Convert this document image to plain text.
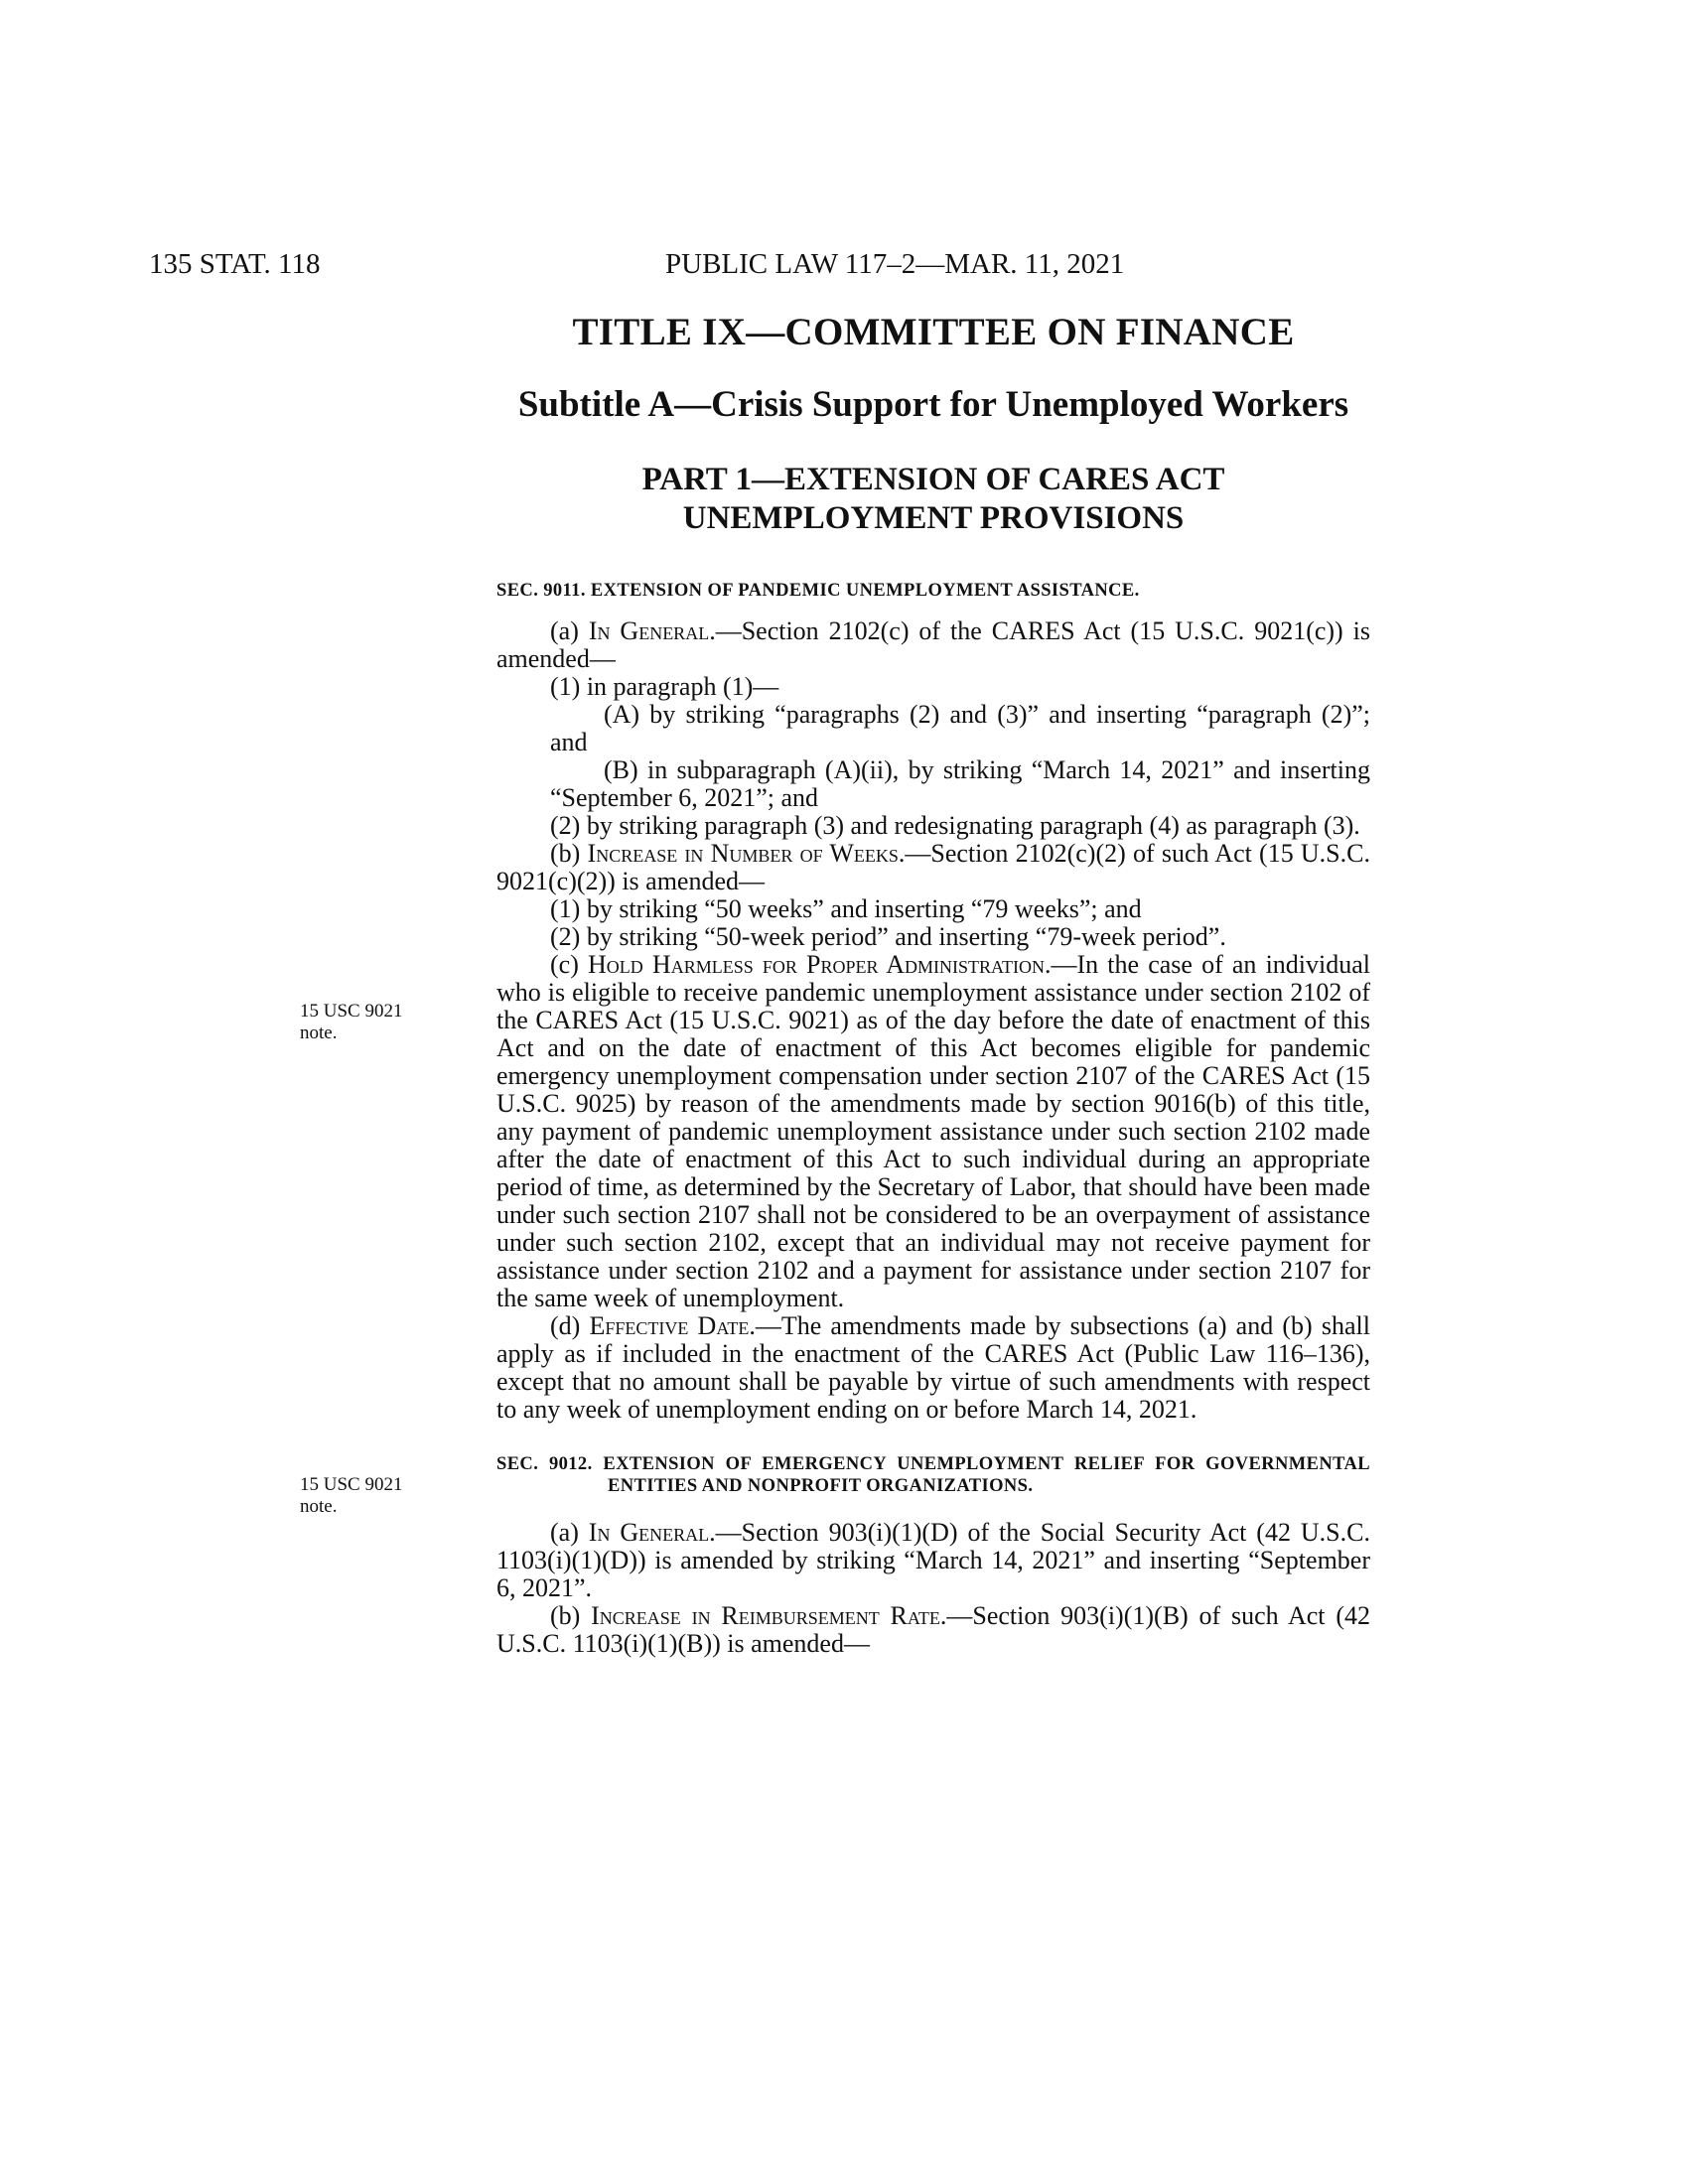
135 STAT. 118	PUBLIC LAW 117–2—MAR. 11, 2021
15 USC 9021
note.
15 USC 9021
note.
TITLE IX—COMMITTEE ON FINANCE
Subtitle A—Crisis Support for Unemployed Workers
PART 1—EXTENSION OF CARES ACT UNEMPLOYMENT PROVISIONS
SEC. 9011. EXTENSION OF PANDEMIC UNEMPLOYMENT ASSISTANCE.

(a) In General.—Section 2102(c) of the CARES Act (15 U.S.C. 9021(c)) is amended—

(1) in paragraph (1)—

(A) by striking “paragraphs (2) and (3)” and inserting “paragraph (2)”; and

(B) in subparagraph (A)(ii), by striking “March 14, 2021” and inserting “September 6, 2021”; and

(2) by striking paragraph (3) and redesignating paragraph (4) as paragraph (3).

(b) Increase in Number of Weeks.—Section 2102(c)(2) of such Act (15 U.S.C. 9021(c)(2)) is amended—

(1) by striking “50 weeks” and inserting “79 weeks”; and

(2) by striking “50-week period” and inserting “79-week period”.

(c) Hold Harmless for Proper Administration.—In the case of an individual who is eligible to receive pandemic unemployment assistance under section 2102 of the CARES Act (15 U.S.C. 9021) as of the day before the date of enactment of this Act and on the date of enactment of this Act becomes eligible for pandemic emergency unemployment compensation under section 2107 of the CARES Act (15 U.S.C. 9025) by reason of the amendments made by section 9016(b) of this title, any payment of pandemic unemployment assistance under such section 2102 made after the date of enactment of this Act to such individual during an appropriate period of time, as determined by the Secretary of Labor, that should have been made under such section 2107 shall not be considered to be an overpayment of assistance under such section 2102, except that an individual may not receive payment for assistance under section 2102 and a payment for assistance under section 2107 for the same week of unemployment.

(d) Effective Date.—The amendments made by subsections (a) and (b) shall apply as if included in the enactment of the CARES Act (Public Law 116–136), except that no amount shall be payable by virtue of such amendments with respect to any week of unemployment ending on or before March 14, 2021.

SEC. 9012. EXTENSION OF EMERGENCY UNEMPLOYMENT RELIEF FOR GOVERNMENTAL ENTITIES AND NONPROFIT ORGANIZATIONS.

(a) In General.—Section 903(i)(1)(D) of the Social Security Act (42 U.S.C. 1103(i)(1)(D)) is amended by striking “March 14, 2021” and inserting “September 6, 2021”.

(b) Increase in Reimbursement Rate.—Section 903(i)(1)(B) of such Act (42 U.S.C. 1103(i)(1)(B)) is amended—
